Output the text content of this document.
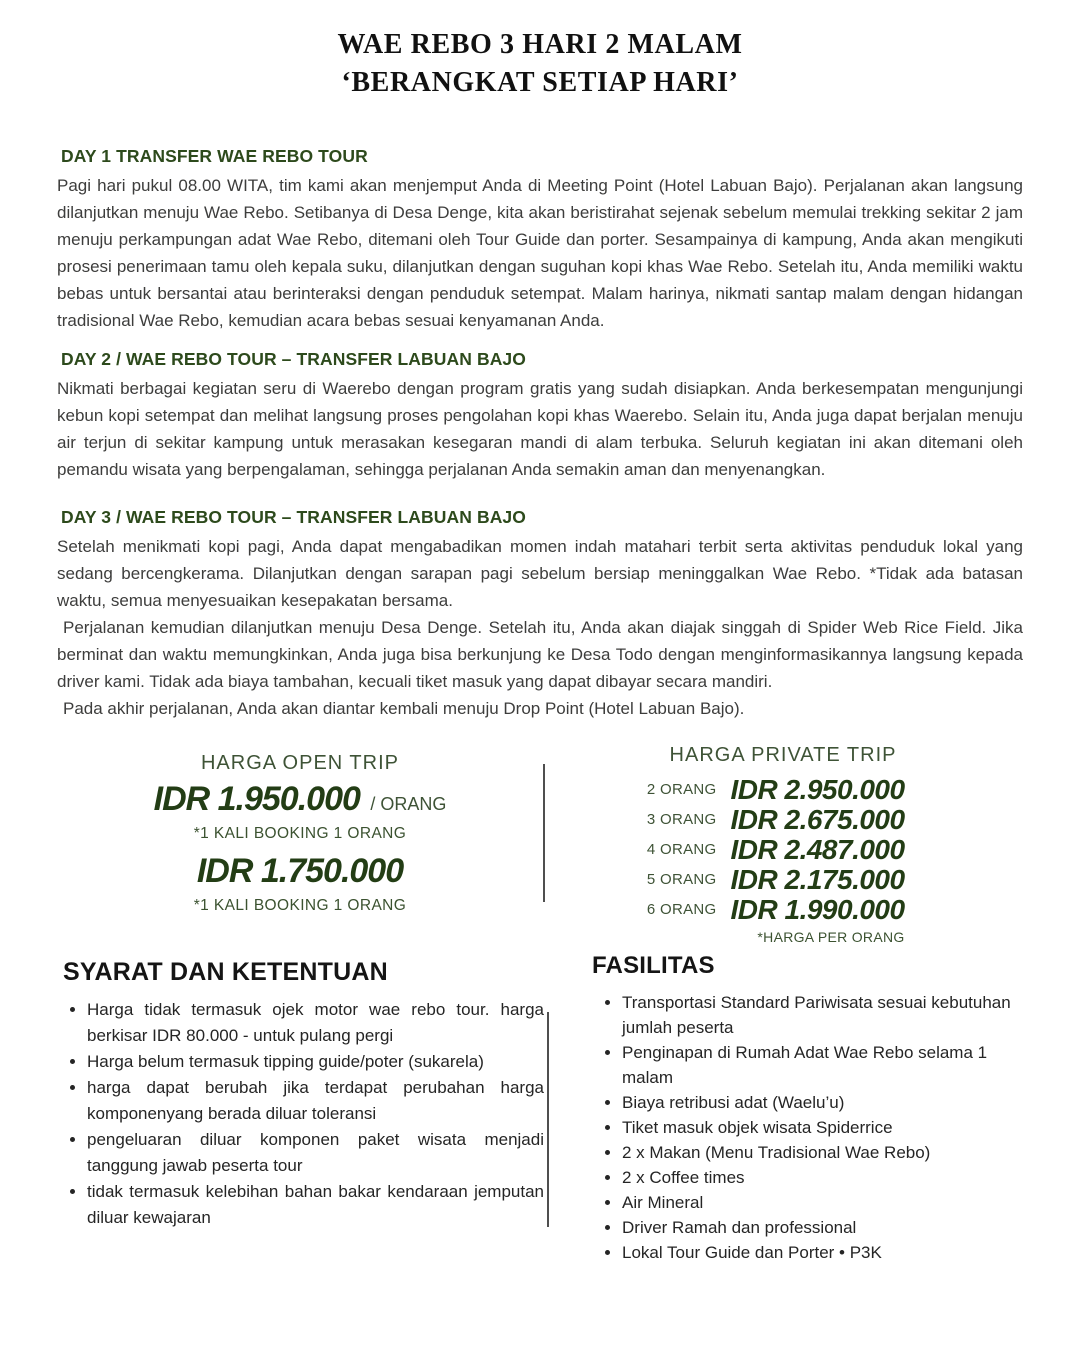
WAE REBO 3 HARI 2 MALAM
‘BERANGKAT SETIAP HARI’
DAY 1 TRANSFER WAE REBO TOUR

Pagi hari pukul 08.00 WITA, tim kami akan menjemput Anda di Meeting Point (Hotel Labuan Bajo). Perjalanan akan langsung dilanjutkan menuju Wae Rebo. Setibanya di Desa Denge, kita akan beristirahat sejenak sebelum memulai trekking sekitar 2 jam menuju perkampungan adat Wae Rebo, ditemani oleh Tour Guide dan porter. Sesampainya di kampung, Anda akan mengikuti prosesi penerimaan tamu oleh kepala suku, dilanjutkan dengan suguhan kopi khas Wae Rebo. Setelah itu, Anda memiliki waktu bebas untuk bersantai atau berinteraksi dengan penduduk setempat. Malam harinya, nikmati santap malam dengan hidangan tradisional Wae Rebo, kemudian acara bebas sesuai kenyamanan Anda.

DAY 2 / WAE REBO TOUR – TRANSFER LABUAN BAJO

Nikmati berbagai kegiatan seru di Waerebo dengan program gratis yang sudah disiapkan. Anda berkesempatan mengunjungi kebun kopi setempat dan melihat langsung proses pengolahan kopi khas Waerebo. Selain itu, Anda juga dapat berjalan menuju air terjun di sekitar kampung untuk merasakan kesegaran mandi di alam terbuka. Seluruh kegiatan ini akan ditemani oleh pemandu wisata yang berpengalaman, sehingga perjalanan Anda semakin aman dan menyenangkan.

DAY 3 / WAE REBO TOUR – TRANSFER LABUAN BAJO

Setelah menikmati kopi pagi, Anda dapat mengabadikan momen indah matahari terbit serta aktivitas penduduk lokal yang sedang bercengkerama. Dilanjutkan dengan sarapan pagi sebelum bersiap meninggalkan Wae Rebo. *Tidak ada batasan waktu, semua menyesuaikan kesepakatan bersama.

Perjalanan kemudian dilanjutkan menuju Desa Denge. Setelah itu, Anda akan diajak singgah di Spider Web Rice Field. Jika berminat dan waktu memungkinkan, Anda juga bisa berkunjung ke Desa Todo dengan menginformasikannya langsung kepada driver kami. Tidak ada biaya tambahan, kecuali tiket masuk yang dapat dibayar secara mandiri.

Pada akhir perjalanan, Anda akan diantar kembali menuju Drop Point (Hotel Labuan Bajo).

HARGA OPEN TRIP
IDR 1.950.000 / ORANG
*1 KALI BOOKING 1 ORANG
IDR 1.750.000
*1 KALI BOOKING 1 ORANG
HARGA PRIVATE TRIP
2 ORANG IDR 2.950.000
3 ORANG IDR 2.675.000
4 ORANG IDR 2.487.000
5 ORANG IDR 2.175.000
6 ORANG IDR 1.990.000
*HARGA PER ORANG
SYARAT DAN KETENTUAN
• Harga tidak termasuk ojek motor wae rebo tour. harga berkisar IDR 80.000 - untuk pulang pergi
• Harga belum termasuk tipping guide/poter (sukarela)
• harga dapat berubah jika terdapat perubahan harga komponenyang berada diluar toleransi
• pengeluaran diluar komponen paket wisata menjadi tanggung jawab peserta tour
• tidak termasuk kelebihan bahan bakar kendaraan jemputan diluar kewajaran
FASILITAS
• Transportasi Standard Pariwisata sesuai kebutuhan jumlah peserta
• Penginapan di Rumah Adat Wae Rebo selama 1 malam
• Biaya retribusi adat (Waelu’u)
• Tiket masuk objek wisata Spiderrice
• 2 x Makan (Menu Tradisional Wae Rebo)
• 2 x Coffee times
• Air Mineral
• Driver Ramah dan professional
• Lokal Tour Guide dan Porter • P3K
